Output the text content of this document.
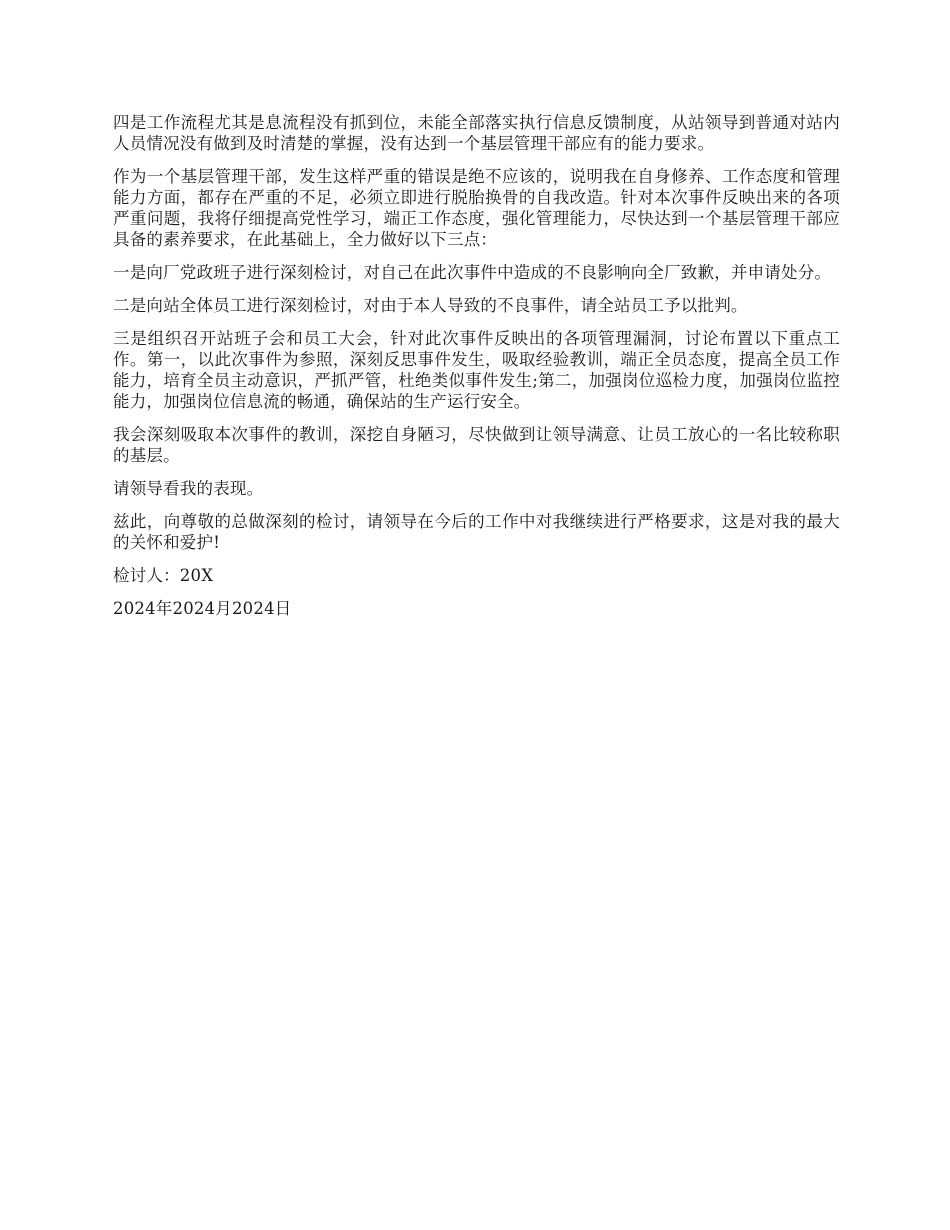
四是工作流程尤其是息流程没有抓到位，未能全部落实执行信息反馈制度，从站领导到普通对站内人员情况没有做到及时清楚的掌握，没有达到一个基层管理干部应有的能力要求。

作为一个基层管理干部，发生这样严重的错误是绝不应该的，说明我在自身修养、工作态度和管理能力方面，都存在严重的不足，必须立即进行脱胎换骨的自我改造。针对本次事件反映出来的各项严重问题，我将仔细提高党性学习，端正工作态度，强化管理能力，尽快达到一个基层管理干部应具备的素养要求，在此基础上，全力做好以下三点：

一是向厂党政班子进行深刻检讨，对自己在此次事件中造成的不良影响向全厂致歉，并申请处分。

二是向站全体员工进行深刻检讨，对由于本人导致的不良事件，请全站员工予以批判。

三是组织召开站班子会和员工大会，针对此次事件反映出的各项管理漏洞，讨论布置以下重点工作。第一，以此次事件为参照，深刻反思事件发生，吸取经验教训，端正全员态度，提高全员工作能力，培育全员主动意识，严抓严管，杜绝类似事件发生;第二，加强岗位巡检力度，加强岗位监控能力，加强岗位信息流的畅通，确保站的生产运行安全。

我会深刻吸取本次事件的教训，深挖自身陋习，尽快做到让领导满意、让员工放心的一名比较称职的基层。

请领导看我的表现。

兹此，向尊敬的总做深刻的检讨，请领导在今后的工作中对我继续进行严格要求，这是对我的最大的关怀和爱护!

检讨人：20X

2024年2024月2024日
